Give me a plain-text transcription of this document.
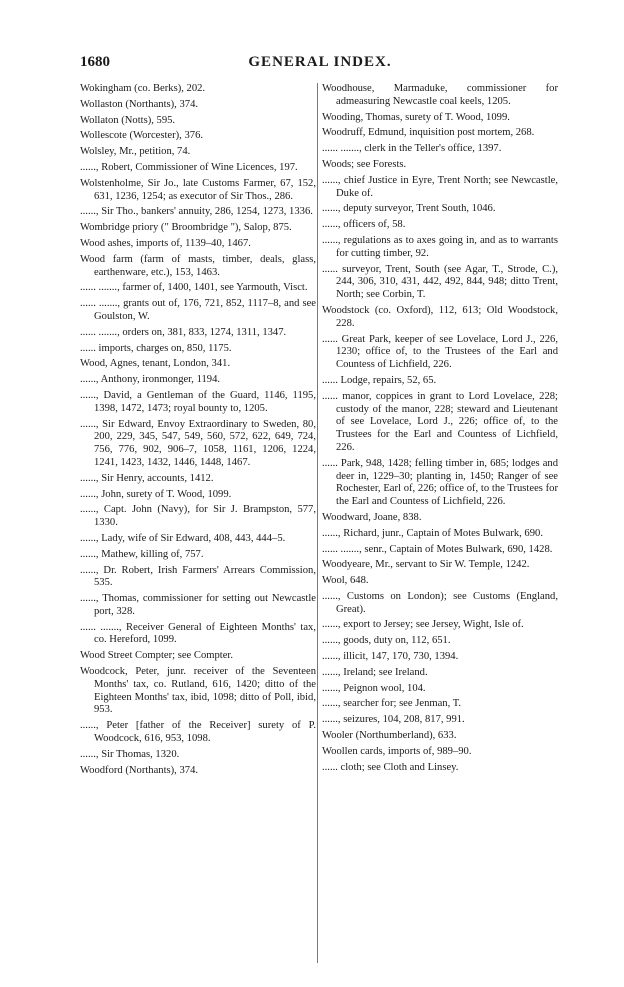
1680	GENERAL INDEX.
Wokingham (co. Berks), 202.
Wollaston (Northants), 374.
Wollaton (Notts), 595.
Wollescote (Worcester), 376.
Wolsley, Mr., petition, 74.
......, Robert, Commissioner of Wine Licences, 197.
Wolstenholme, Sir Jo., late Customs Farmer, 67, 152, 631, 1236, 1254; as executor of Sir Thos., 286.
......, Sir Tho., bankers' annuity, 286, 1254, 1273, 1336.
Wombridge priory (" Broombridge "), Salop, 875.
Wood ashes, imports of, 1139–40, 1467.
Wood farm (farm of masts, timber, deals, glass, earthenware, etc.), 153, 1463.
...... ......., farmer of, 1400, 1401, see Yarmouth, Visct.
...... ......., grants out of, 176, 721, 852, 1117–8, and see Goulston, W.
...... ......., orders on, 381, 833, 1274, 1311, 1347.
...... imports, charges on, 850, 1175.
Wood, Agnes, tenant, London, 341.
......, Anthony, ironmonger, 1194.
......, David, a Gentleman of the Guard, 1146, 1195, 1398, 1472, 1473; royal bounty to, 1205.
......, Sir Edward, Envoy Extraordinary to Sweden, 80, 200, 229, 345, 547, 549, 560, 572, 622, 649, 724, 756, 776, 902, 906–7, 1058, 1161, 1206, 1224, 1241, 1423, 1432, 1446, 1448, 1467.
......, Sir Henry, accounts, 1412.
......, John, surety of T. Wood, 1099.
......, Capt. John (Navy), for Sir J. Brampston, 577, 1330.
......, Lady, wife of Sir Edward, 408, 443, 444–5.
......, Mathew, killing of, 757.
......, Dr. Robert, Irish Farmers' Arrears Commission, 535.
......, Thomas, commissioner for setting out Newcastle port, 328.
...... ......., Receiver General of Eighteen Months' tax, co. Hereford, 1099.
Wood Street Compter; see Compter.
Woodcock, Peter, junr. receiver of the Seventeen Months' tax, co. Rutland, 616, 1420; ditto of the Eighteen Months' tax, ibid, 1098; ditto of Poll, ibid, 953.
......, Peter [father of the Receiver] surety of P. Woodcock, 616, 953, 1098.
......, Sir Thomas, 1320.
Woodford (Northants), 374.
Woodhouse, Marmaduke, commissioner for admeasuring Newcastle coal keels, 1205.
Wooding, Thomas, surety of T. Wood, 1099.
Woodruff, Edmund, inquisition post mortem, 268.
...... ......., clerk in the Teller's office, 1397.
Woods; see Forests.
......, chief Justice in Eyre, Trent North; see Newcastle, Duke of.
......, deputy surveyor, Trent South, 1046.
......, officers of, 58.
......, regulations as to axes going in, and as to warrants for cutting timber, 92.
...... surveyor, Trent, South (see Agar, T., Strode, C.), 244, 306, 310, 431, 442, 492, 844, 948; ditto Trent, North; see Corbin, T.
Woodstock (co. Oxford), 112, 613; Old Woodstock, 228.
...... Great Park, keeper of see Lovelace, Lord J., 226, 1230; office of, to the Trustees of the Earl and Countess of Lichfield, 226.
...... Lodge, repairs, 52, 65.
...... manor, coppices in grant to Lord Lovelace, 228; custody of the manor, 228; steward and Lieutenant of see Lovelace, Lord J., 226; office of, to the Trustees for the Earl and Countess of Lichfield, 226.
...... Park, 948, 1428; felling timber in, 685; lodges and deer in, 1229–30; planting in, 1450; Ranger of see Rochester, Earl of, 226; office of, to the Trustees for the Earl and Countess of Lichfield, 226.
Woodward, Joane, 838.
......, Richard, junr., Captain of Motes Bulwark, 690.
...... ......., senr., Captain of Motes Bulwark, 690, 1428.
Woodyeare, Mr., servant to Sir W. Temple, 1242.
Wool, 648.
......, Customs on London); see Customs (England, Great).
......, export to Jersey; see Jersey, Wight, Isle of.
......, goods, duty on, 112, 651.
......, illicit, 147, 170, 730, 1394.
......, Ireland; see Ireland.
......, Peignon wool, 104.
......, searcher for; see Jenman, T.
......, seizures, 104, 208, 817, 991.
Wooler (Northumberland), 633.
Woollen cards, imports of, 989–90.
...... cloth; see Cloth and Linsey.
